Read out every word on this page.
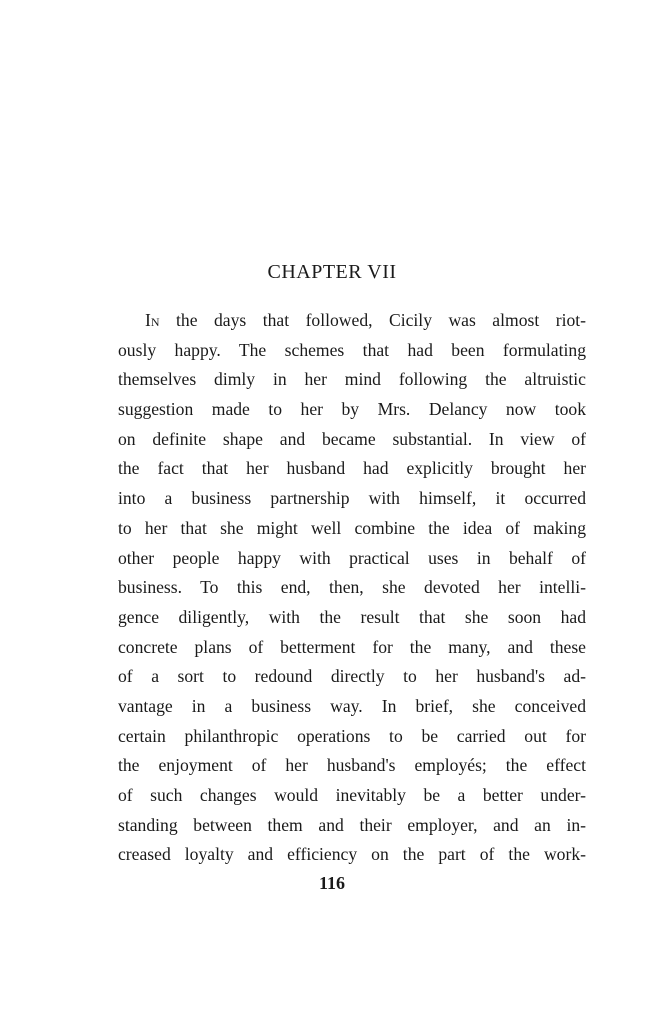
CHAPTER VII
In the days that followed, Cicily was almost riot-
ously happy. The schemes that had been formulating
themselves dimly in her mind following the altruistic
suggestion made to her by Mrs. Delancy now took
on definite shape and became substantial. In view of
the fact that her husband had explicitly brought her
into a business partnership with himself, it occurred
to her that she might well combine the idea of making
other people happy with practical uses in behalf of
business. To this end, then, she devoted her intelli-
gence diligently, with the result that she soon had
concrete plans of betterment for the many, and these
of a sort to redound directly to her husband's ad-
vantage in a business way. In brief, she conceived
certain philanthropic operations to be carried out for
the enjoyment of her husband's employés; the effect
of such changes would inevitably be a better under-
standing between them and their employer, and an in-
creased loyalty and efficiency on the part of the work-
116
